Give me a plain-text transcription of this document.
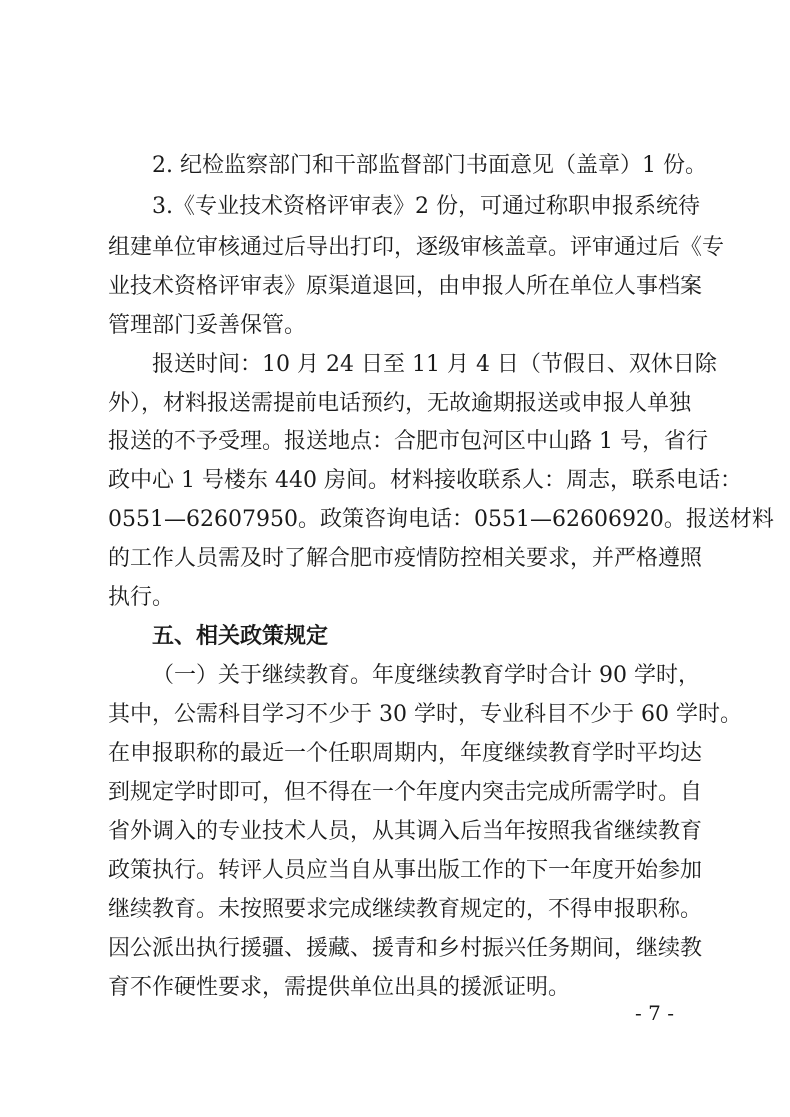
2. 纪检监察部门和干部监督部门书面意见（盖章）1 份。
3.《专业技术资格评审表》2 份，可通过称职申报系统待
组建单位审核通过后导出打印，逐级审核盖章。评审通过后《专
业技术资格评审表》原渠道退回，由申报人所在单位人事档案
管理部门妥善保管。
报送时间：10 月 24 日至 11 月 4 日（节假日、双休日除
外），材料报送需提前电话预约，无故逾期报送或申报人单独
报送的不予受理。报送地点：合肥市包河区中山路 1 号，省行
政中心 1 号楼东 440 房间。材料接收联系人：周志，联系电话：
0551—62607950。政策咨询电话：0551—62606920。报送材料
的工作人员需及时了解合肥市疫情防控相关要求，并严格遵照
执行。
五、相关政策规定
（一）关于继续教育。年度继续教育学时合计 90 学时，
其中，公需科目学习不少于 30 学时，专业科目不少于 60 学时。
在申报职称的最近一个任职周期内，年度继续教育学时平均达
到规定学时即可，但不得在一个年度内突击完成所需学时。自
省外调入的专业技术人员，从其调入后当年按照我省继续教育
政策执行。转评人员应当自从事出版工作的下一年度开始参加
继续教育。未按照要求完成继续教育规定的，不得申报职称。
因公派出执行援疆、援藏、援青和乡村振兴任务期间，继续教
育不作硬性要求，需提供单位出具的援派证明。
- 7 -
